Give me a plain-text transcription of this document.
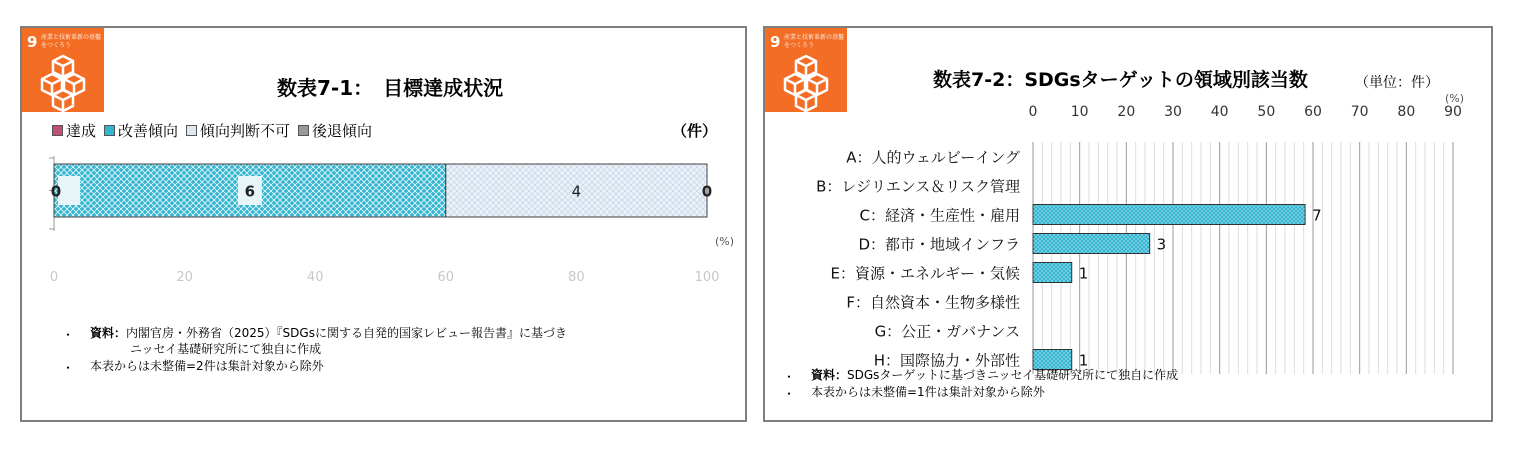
9 産業と技術革新の基盤をつくろう
数表7-1：　目標達成状況
達成 改善傾向 傾向判断不可 後退傾向	（件）
0	20	40	60	80	100
0	6	4	0
(%)
・ 資料：内閣官房・外務省（2025）『SDGsに関する自発的国家レビュー報告書』に基づき
ニッセイ基礎研究所にて独自に作成
・ 本表からは未整備=2件は集計対象から除外
9 産業と技術革新の基盤をつくろう
数表7-2：SDGsターゲットの領域別該当数	（単位：件）
(%)
0 10 20 30 40 50 60 70 80 90
A：人的ウェルビーイング
B：レジリエンス＆リスク管理
C：経済・生産性・雇用
D：都市・地域インフラ
E：資源・エネルギー・気候
F：自然資本・生物多様性
G：公正・ガバナンス
H：国際協力・外部性
7
3
1
1
・ 資料：SDGsターゲットに基づきニッセイ基礎研究所にて独自に作成
・ 本表からは未整備=1件は集計対象から除外
